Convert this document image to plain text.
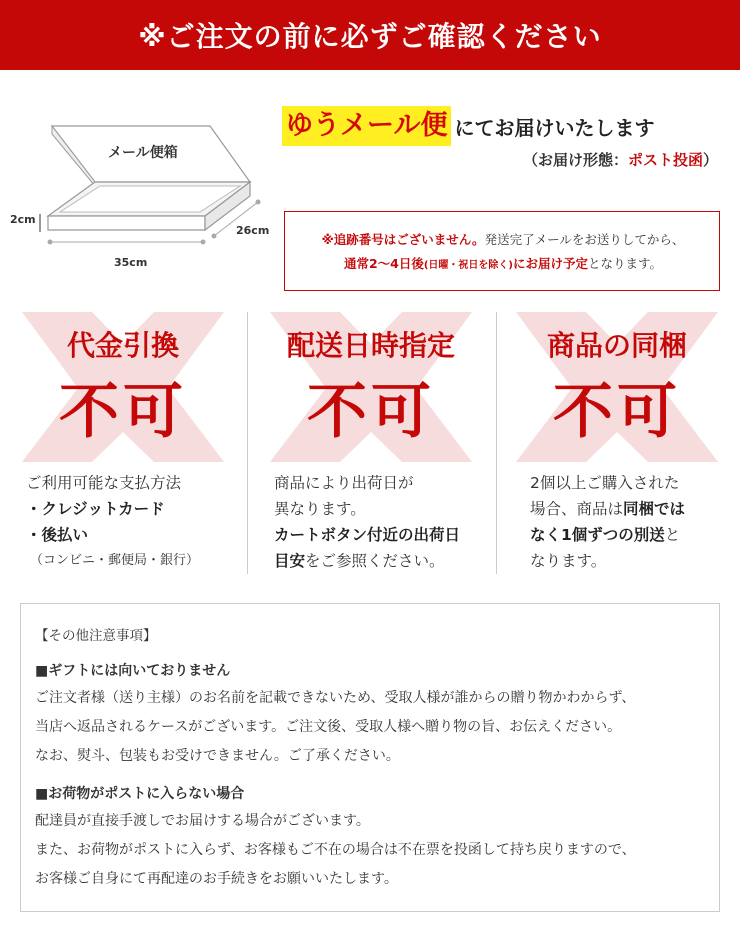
※ご注文の前に必ずご確認ください
メール便箱
2cm
35cm
26cm
ゆうメール便 にてお届けいたします
（お届け形態：ポスト投函）
※追跡番号はございません。発送完了メールをお送りしてから、
通常2〜4日後(日曜・祝日を除く)にお届け予定となります。
代金引換
不可
ご利用可能な支払方法
・クレジットカード
・後払い
（コンビニ・郵便局・銀行）
配送日時指定
不可
商品により出荷日が
異なります。
カートボタン付近の出荷日
目安をご参照ください。
商品の同梱
不可
2個以上ご購入された
場合、商品は同梱では
なく1個ずつの別送と
なります。
【その他注意事項】
■ギフトには向いておりません

ご注文者様（送り主様）のお名前を記載できないため、受取人様が誰からの贈り物かわからず、

当店へ返品されるケースがございます。ご注文後、受取人様へ贈り物の旨、お伝えください。

なお、熨斗、包装もお受けできません。ご了承ください。

■お荷物がポストに入らない場合

配達員が直接手渡しでお届けする場合がございます。

また、お荷物がポストに入らず、お客様もご不在の場合は不在票を投函して持ち戻りますので、

お客様ご自身にて再配達のお手続きをお願いいたします。
